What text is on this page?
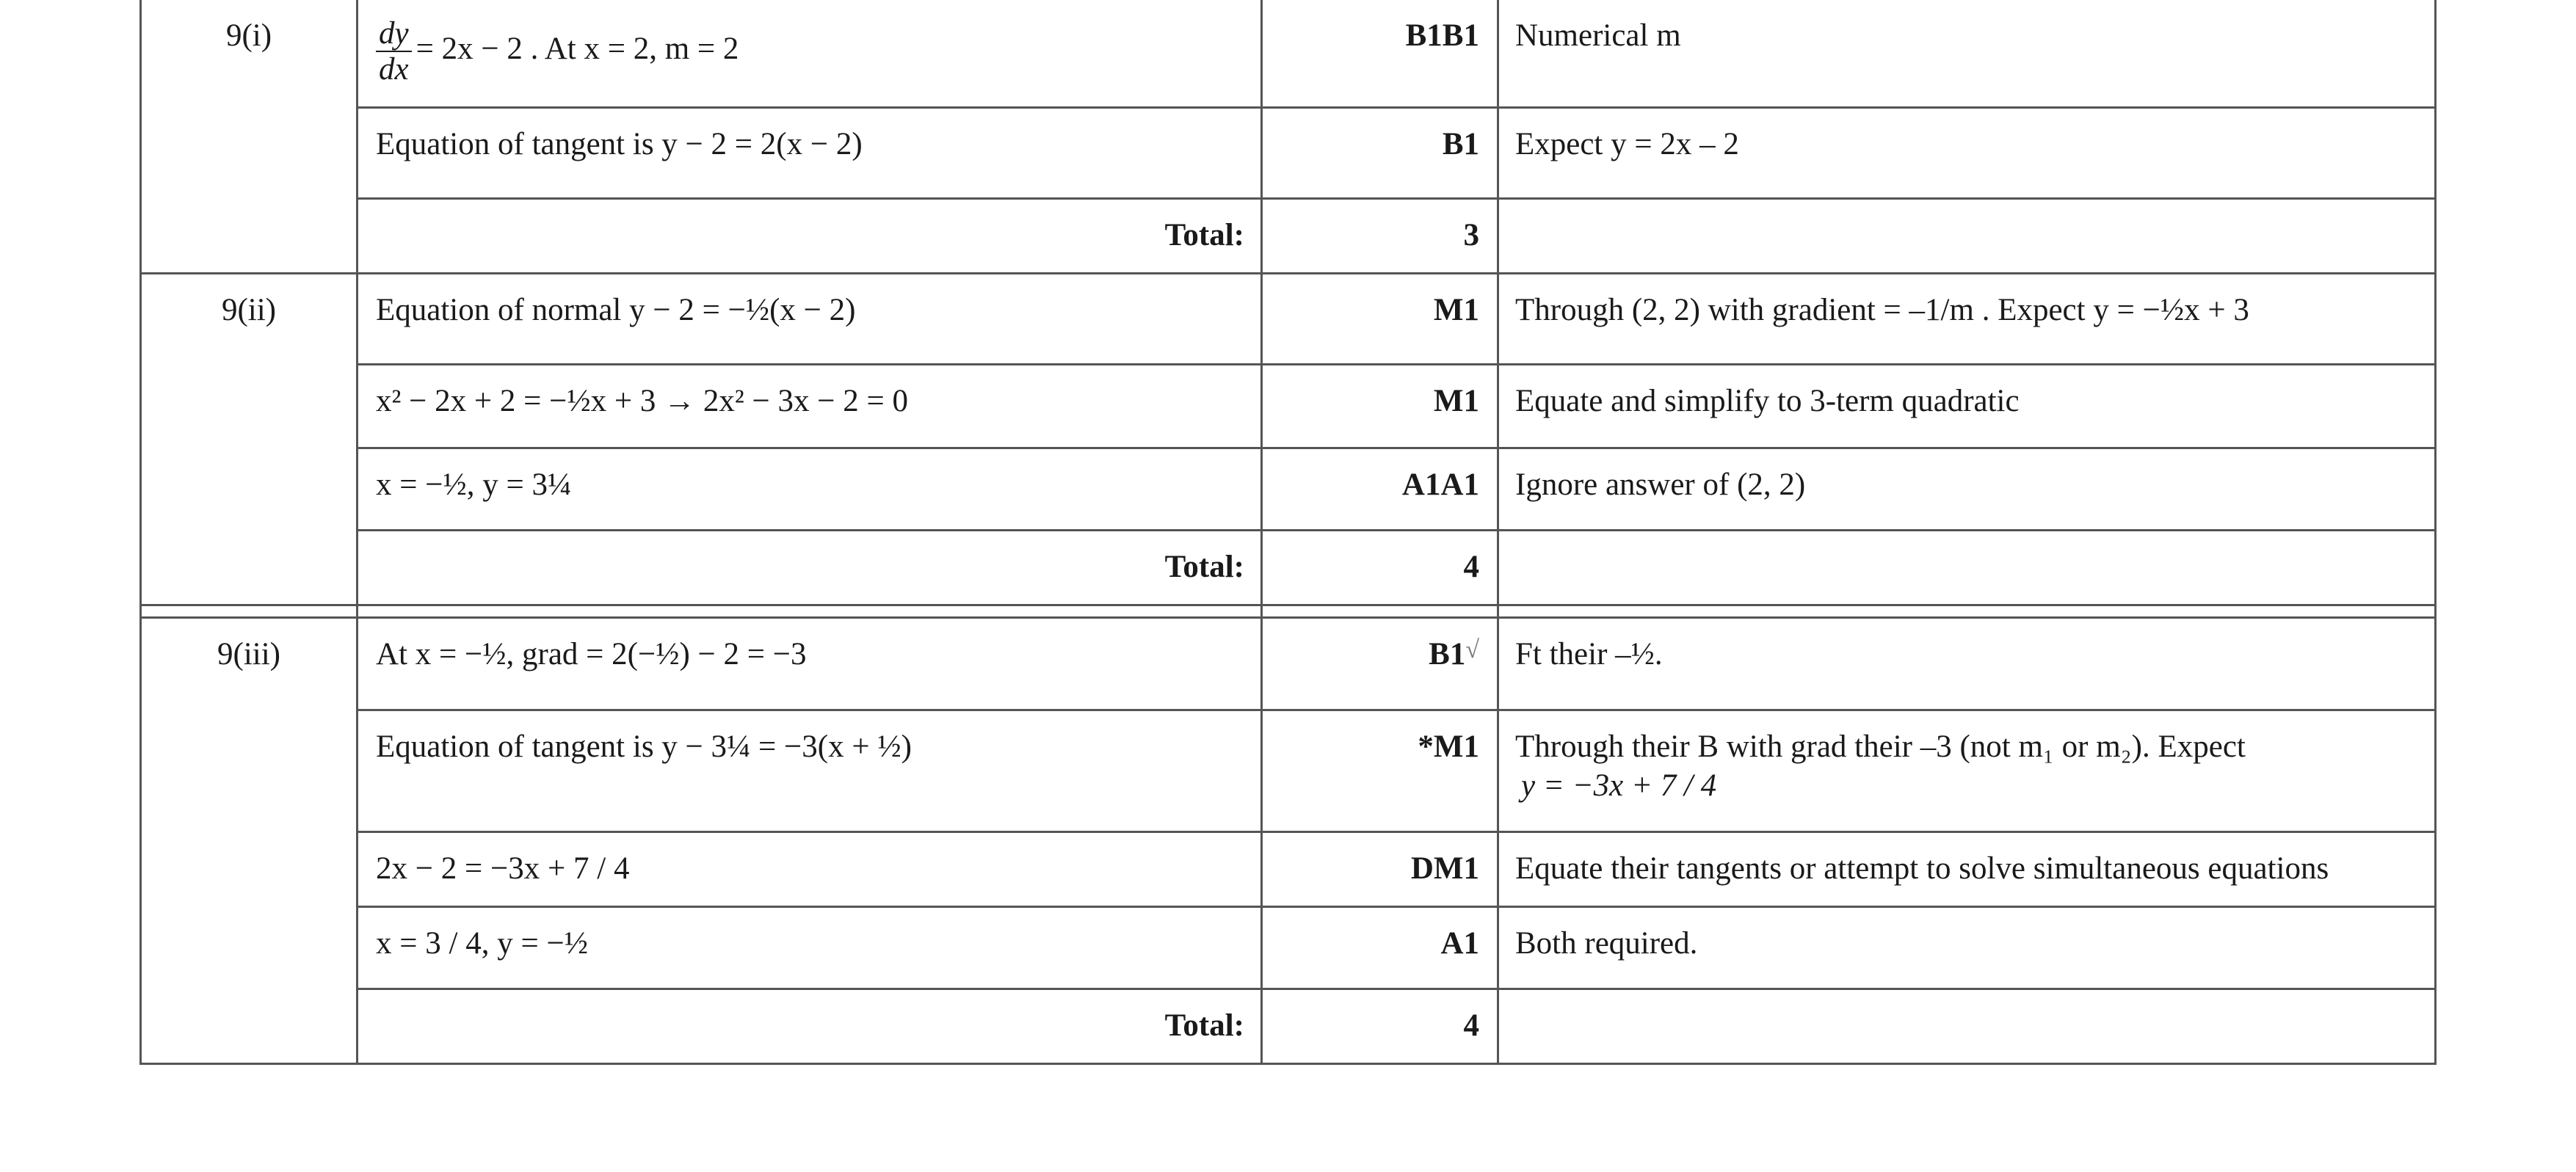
9(i)	$\frac{dy}{dx} = 2x - 2$ . At x = 2, m = 2	B1B1	Numerical m
	Equation of tangent is y − 2 = 2(x − 2)	B1	Expect y = 2x – 2
	Total:	3	
9(ii)	Equation of normal y − 2 = −½(x − 2)	M1	Through (2, 2) with gradient = –1/m . Expect y = −½x + 3
	x² − 2x + 2 = −½x + 3 → 2x² − 3x − 2 = 0	M1	Equate and simplify to 3-term quadratic
	x = −½, y = 3¼	A1A1	Ignore answer of (2, 2)
	Total:	4	

9(iii)	At x = −½, grad = 2(−½) − 2 = −3	B1√	Ft their –½.
	Equation of tangent is y − 3¼ = −3(x + ½)	*M1	Through their B with grad their –3 (not m₁ or m₂). Expect
y = −3x + 7 / 4

	2x − 2 = −3x + 7 / 4	DM1	Equate their tangents or attempt to solve simultaneous equations
	x = 3 / 4, y = −½	A1	Both required.
	Total:	4	
